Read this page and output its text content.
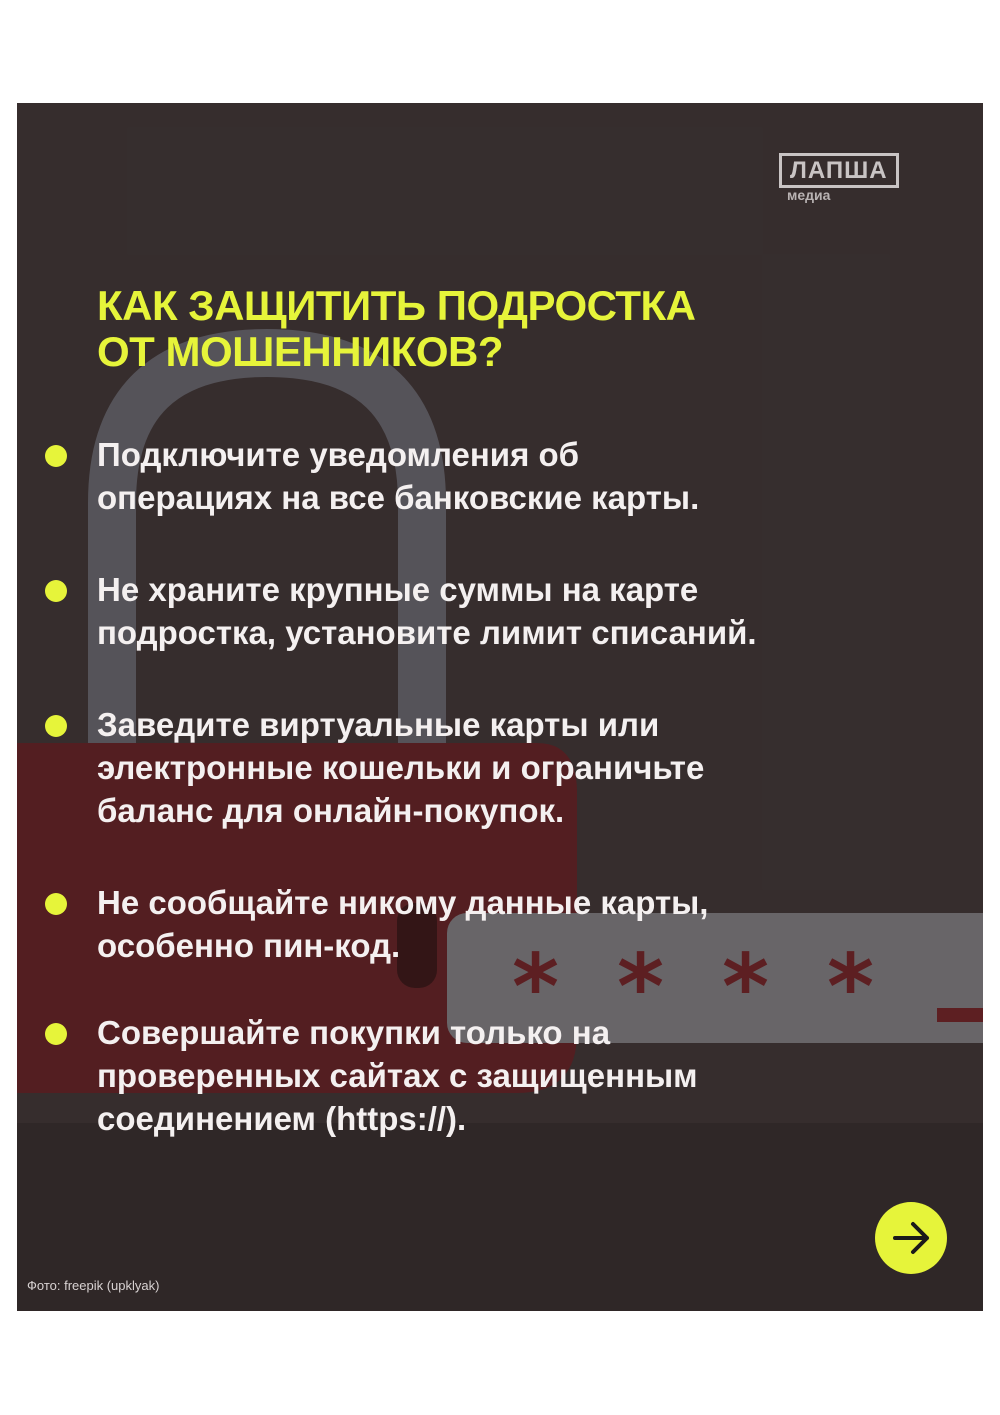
* * * *
ЛАПША
медиа
КАК ЗАЩИТИТЬ ПОДРОСТКА
ОТ МОШЕННИКОВ?
Подключите уведомления об
операциях на все банковские карты.
Не храните крупные суммы на карте
подростка, установите лимит списаний.
Заведите виртуальные карты или
электронные кошельки и ограничьте
баланс для онлайн-покупок.
Не сообщайте никому данные карты,
особенно пин-код.
Совершайте покупки только на
проверенных сайтах с защищенным
соединением (https://).
Фото: freepik (upklyak)
